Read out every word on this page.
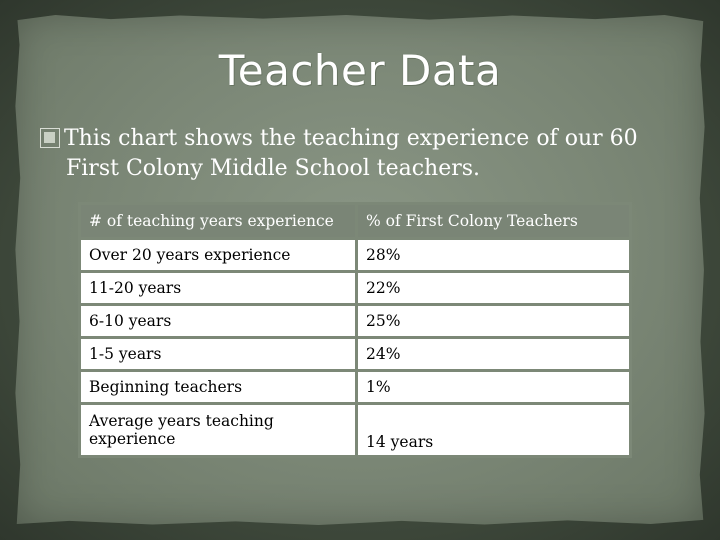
Teacher Data
This chart shows the teaching experience of our 60
First Colony Middle School teachers.
# of teaching years experience	% of First Colony Teachers
Over 20 years experience	28%
11-20 years	22%
6-10 years	25%
1-5 years	24%
Beginning teachers	1%
Average years teaching experience	14 years
